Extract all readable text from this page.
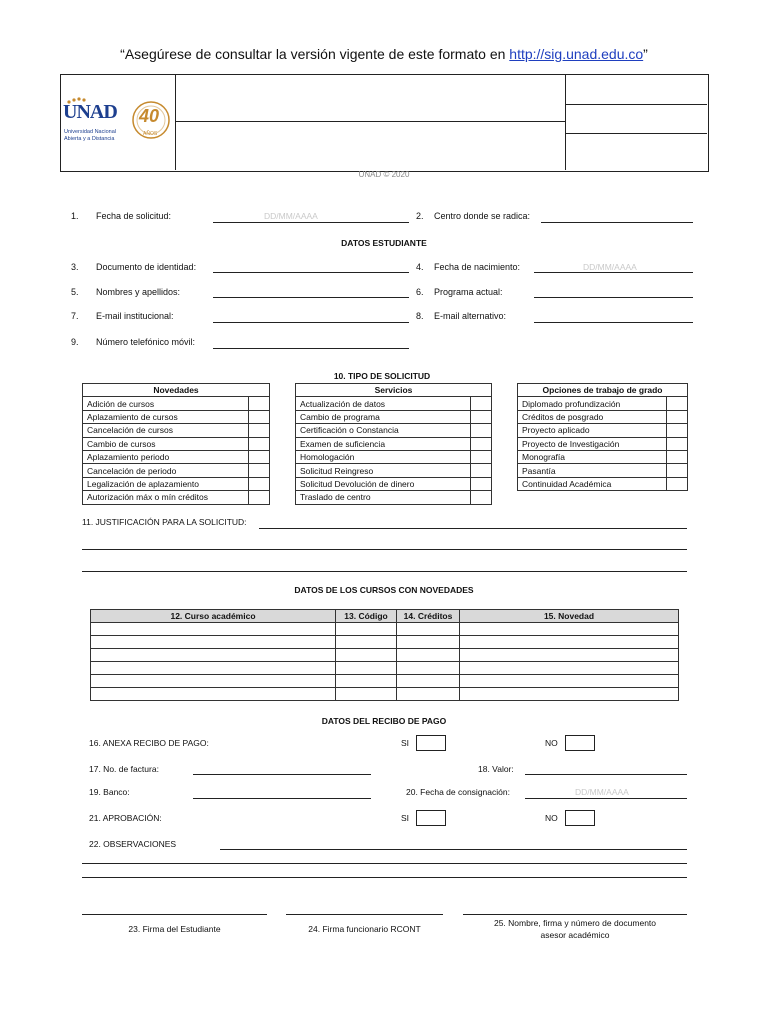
“Asegúrese de consultar la versión vigente de este formato en http://sig.unad.edu.co”
UNAD
Universidad Nacional
Abierta y a Distancia
40
AÑOS
UNAD © 2020
1. Fecha de solicitud:	DD/MM/AAAA	2. Centro donde se radica:
DATOS ESTUDIANTE
3. Documento de identidad:	4. Fecha de nacimiento:	DD/MM/AAAA
5. Nombres y apellidos:	6. Programa actual:
7. E-mail institucional:	8. E-mail alternativo:
9. Número telefónico móvil:
10. TIPO DE SOLICITUD
Novedades	
Adición de cursos	
Aplazamiento de cursos	
Cancelación de cursos	
Cambio de cursos	
Aplazamiento periodo	
Cancelación de periodo	
Legalización de aplazamiento	
Autorización máx o mín créditos	
Servicios	
Actualización de datos	
Cambio de programa	
Certificación o Constancia	
Examen de suficiencia	
Homologación	
Solicitud Reingreso	
Solicitud Devolución de dinero	
Traslado de centro	
Opciones de trabajo de grado	
Diplomado profundización	
Créditos de posgrado	
Proyecto aplicado	
Proyecto de Investigación	
Monografía	
Pasantía	
Continuidad Académica	
11. JUSTIFICACIÓN PARA LA SOLICITUD:
DATOS DE LOS CURSOS CON NOVEDADES
12. Curso académico	13. Código	14. Créditos	15. Novedad

DATOS DEL RECIBO DE PAGO
16. ANEXA RECIBO DE PAGO:	SI	NO
17. No. de factura:	18. Valor:
19. Banco:	20. Fecha de consignación:	DD/MM/AAAA
21. APROBACIÓN:	SI	NO
22. OBSERVACIONES
23. Firma del Estudiante	24. Firma funcionario RCONT
25. Nombre, firma y número de documento
asesor académico
